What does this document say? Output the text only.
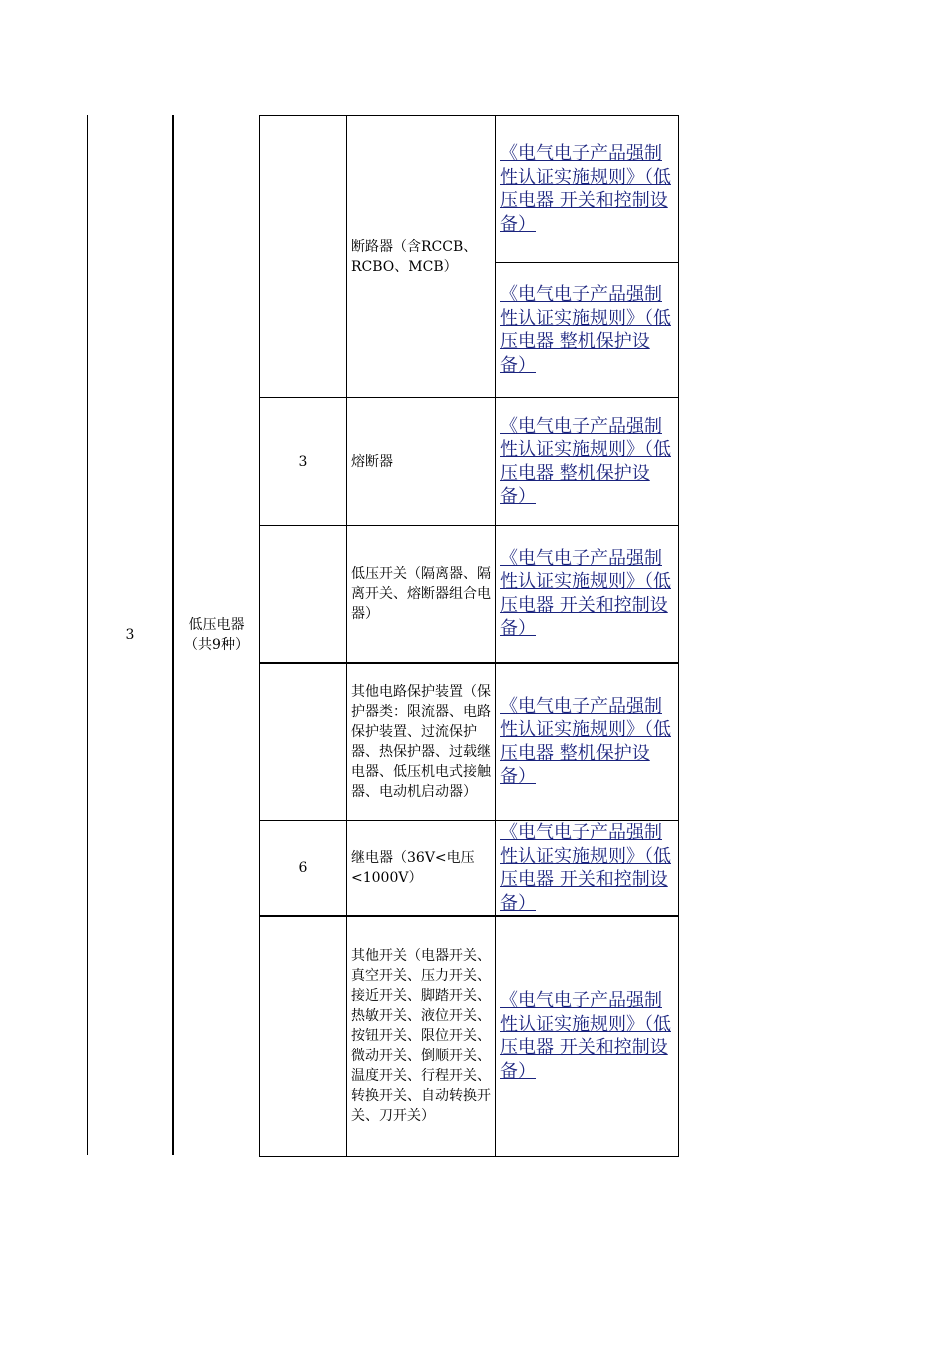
3
低压电器
（共9种）
	断路器（含RCCB、RCBO、MCB）	《电气电子产品强制性认证实施规则》（低压电器 开关和控制设备）

		《电气电子产品强制性认证实施规则》（低压电器 整机保护设备）

3	熔断器	《电气电子产品强制性认证实施规则》（低压电器 整机保护设备）

	低压开关（隔离器、隔离开关、熔断器组合电器）	《电气电子产品强制性认证实施规则》（低压电器 开关和控制设备）

	其他电路保护装置（保护器类：限流器、电路保护装置、过流保护器、热保护器、过载继电器、低压机电式接触器、电动机启动器）	《电气电子产品强制性认证实施规则》（低压电器 整机保护设备）

6	继电器（36V<电压<1000V）	《电气电子产品强制性认证实施规则》（低压电器 开关和控制设备）

	其他开关（电器开关、真空开关、压力开关、接近开关、脚踏开关、热敏开关、液位开关、按钮开关、限位开关、微动开关、倒顺开关、温度开关、行程开关、转换开关、自动转换开关、刀开关）	《电气电子产品强制性认证实施规则》（低压电器 开关和控制设备）
